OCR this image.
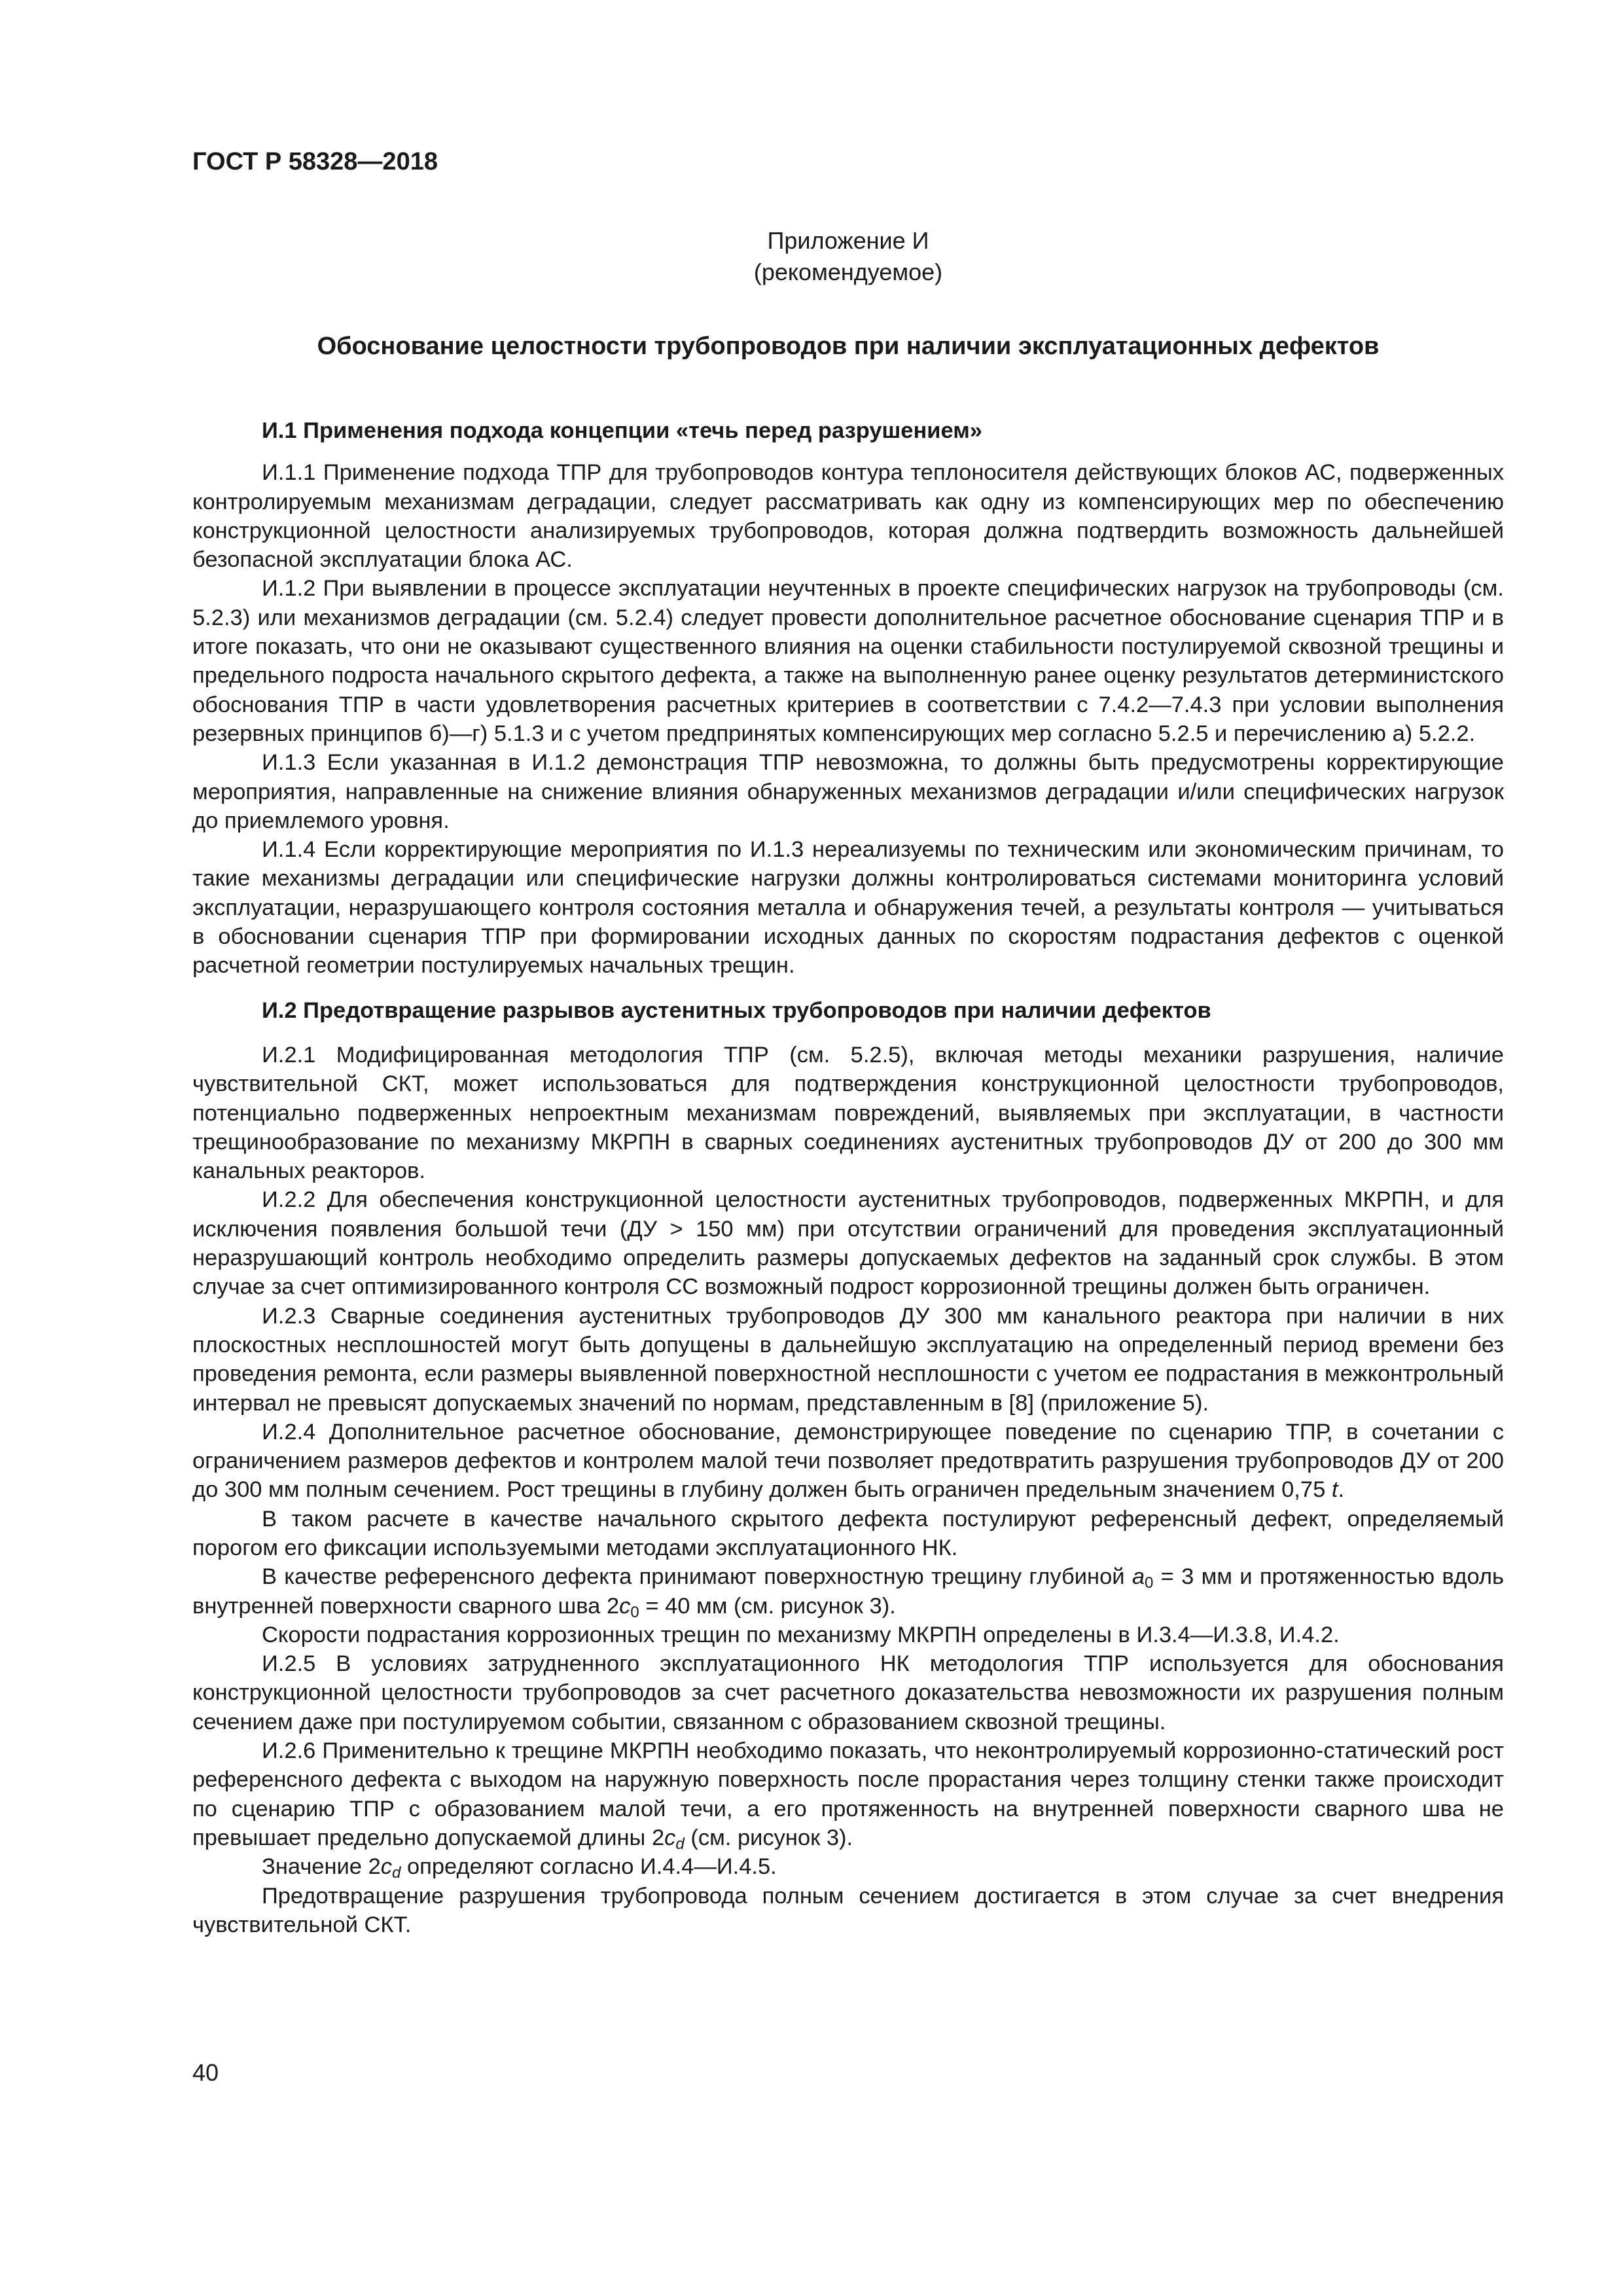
ГОСТ Р 58328—2018
Приложение И
(рекомендуемое)
Обоснование целостности трубопроводов при наличии эксплуатационных дефектов
И.1 Применения подхода концепции «течь перед разрушением»

И.1.1 Применение подхода ТПР для трубопроводов контура теплоносителя действующих блоков АС, подверженных контролируемым механизмам деградации, следует рассматривать как одну из компенсирующих мер по обеспечению конструкционной целостности анализируемых трубопроводов, которая должна подтвердить возможность дальнейшей безопасной эксплуатации блока АС.

И.1.2 При выявлении в процессе эксплуатации неучтенных в проекте специфических нагрузок на трубопроводы (см. 5.2.3) или механизмов деградации (см. 5.2.4) следует провести дополнительное расчетное обоснование сценария ТПР и в итоге показать, что они не оказывают существенного влияния на оценки стабильности постулируемой сквозной трещины и предельного подроста начального скрытого дефекта, а также на выполненную ранее оценку результатов детерминистского обоснования ТПР в части удовлетворения расчетных критериев в соответствии с 7.4.2—7.4.3 при условии выполнения резервных принципов б)—г) 5.1.3 и с учетом предпринятых компенсирующих мер согласно 5.2.5 и перечислению а) 5.2.2.

И.1.3 Если указанная в И.1.2 демонстрация ТПР невозможна, то должны быть предусмотрены корректирующие мероприятия, направленные на снижение влияния обнаруженных механизмов деградации и/или специфических нагрузок до приемлемого уровня.

И.1.4 Если корректирующие мероприятия по И.1.3 нереализуемы по техническим или экономическим причинам, то такие механизмы деградации или специфические нагрузки должны контролироваться системами мониторинга условий эксплуатации, неразрушающего контроля состояния металла и обнаружения течей, а результаты контроля — учитываться в обосновании сценария ТПР при формировании исходных данных по скоростям подрастания дефектов с оценкой расчетной геометрии постулируемых начальных трещин.

И.2 Предотвращение разрывов аустенитных трубопроводов при наличии дефектов

И.2.1 Модифицированная методология ТПР (см. 5.2.5), включая методы механики разрушения, наличие чувствительной СКТ, может использоваться для подтверждения конструкционной целостности трубопроводов, потенциально подверженных непроектным механизмам повреждений, выявляемых при эксплуатации, в частности трещинообразование по механизму МКРПН в сварных соединениях аустенитных трубопроводов ДУ от 200 до 300 мм канальных реакторов.

И.2.2 Для обеспечения конструкционной целостности аустенитных трубопроводов, подверженных МКРПН, и для исключения появления большой течи (ДУ > 150 мм) при отсутствии ограничений для проведения эксплуатационный неразрушающий контроль необходимо определить размеры допускаемых дефектов на заданный срок службы. В этом случае за счет оптимизированного контроля СС возможный подрост коррозионной трещины должен быть ограничен.

И.2.3 Сварные соединения аустенитных трубопроводов ДУ 300 мм канального реактора при наличии в них плоскостных несплошностей могут быть допущены в дальнейшую эксплуатацию на определенный период времени без проведения ремонта, если размеры выявленной поверхностной несплошности с учетом ее подрастания в межконтрольный интервал не превысят допускаемых значений по нормам, представленным в [8] (приложение 5).

И.2.4 Дополнительное расчетное обоснование, демонстрирующее поведение по сценарию ТПР, в сочетании с ограничением размеров дефектов и контролем малой течи позволяет предотвратить разрушения трубопроводов ДУ от 200 до 300 мм полным сечением. Рост трещины в глубину должен быть ограничен предельным значением 0,75 t.

В таком расчете в качестве начального скрытого дефекта постулируют референсный дефект, определяемый порогом его фиксации используемыми методами эксплуатационного НК.

В качестве референсного дефекта принимают поверхностную трещину глубиной $a_0 = 3$ мм и протяженностью вдоль внутренней поверхности сварного шва $2c_0 = 40$ мм (см. рисунок 3).

Скорости подрастания коррозионных трещин по механизму МКРПН определены в И.3.4—И.3.8, И.4.2.

И.2.5 В условиях затрудненного эксплуатационного НК методология ТПР используется для обоснования конструкционной целостности трубопроводов за счет расчетного доказательства невозможности их разрушения полным сечением даже при постулируемом событии, связанном с образованием сквозной трещины.

И.2.6 Применительно к трещине МКРПН необходимо показать, что неконтролируемый коррозионно-статический рост референсного дефекта с выходом на наружную поверхность после прорастания через толщину стенки также происходит по сценарию ТПР с образованием малой течи, а его протяженность на внутренней поверхности сварного шва не превышает предельно допускаемой длины $2c_d$ (см. рисунок 3).

Значение $2c_d$ определяют согласно И.4.4—И.4.5.

Предотвращение разрушения трубопровода полным сечением достигается в этом случае за счет внедрения чувствительной СКТ.

40
